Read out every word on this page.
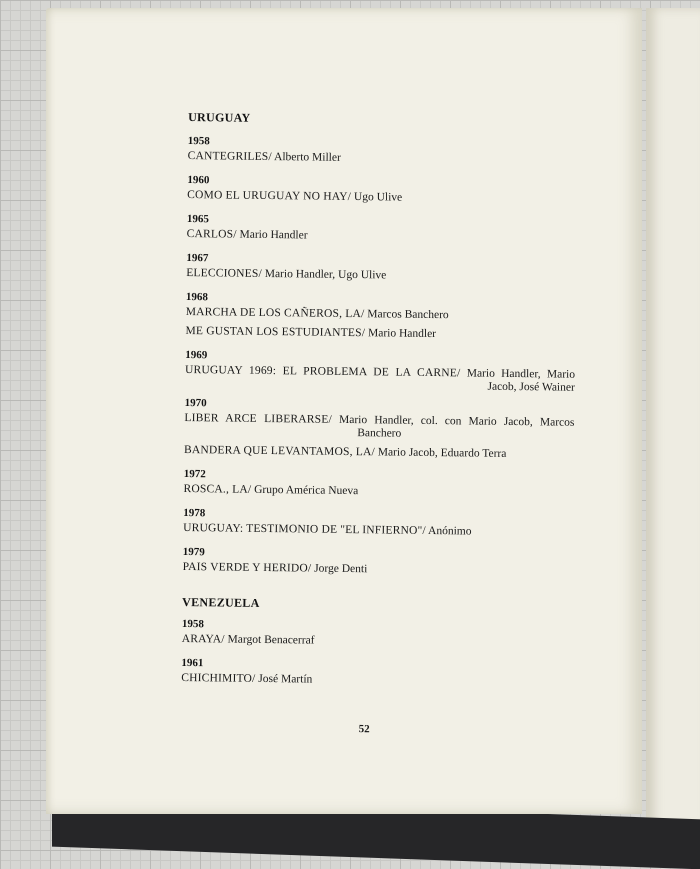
URUGUAY
1958
CANTEGRILES/ Alberto Miller
1960
COMO EL URUGUAY NO HAY/ Ugo Ulive
1965
CARLOS/ Mario Handler
1967
ELECCIONES/ Mario Handler, Ugo Ulive
1968
MARCHA DE LOS CAÑEROS, LA/ Marcos Banchero
ME GUSTAN LOS ESTUDIANTES/ Mario Handler
1969
URUGUAY 1969: EL PROBLEMA DE LA CARNE/ Mario Handler, Mario Jacob, José Wainer
1970
LIBER ARCE LIBERARSE/ Mario Handler, col. con Mario Jacob, Marcos Banchero
BANDERA QUE LEVANTAMOS, LA/ Mario Jacob, Eduardo Terra
1972
ROSCA., LA/ Grupo América Nueva
1978
URUGUAY: TESTIMONIO DE "EL INFIERNO"/ Anónimo
1979
PAIS VERDE Y HERIDO/ Jorge Denti
VENEZUELA
1958
ARAYA/ Margot Benacerraf
1961
CHICHIMITO/ José Martín
52
